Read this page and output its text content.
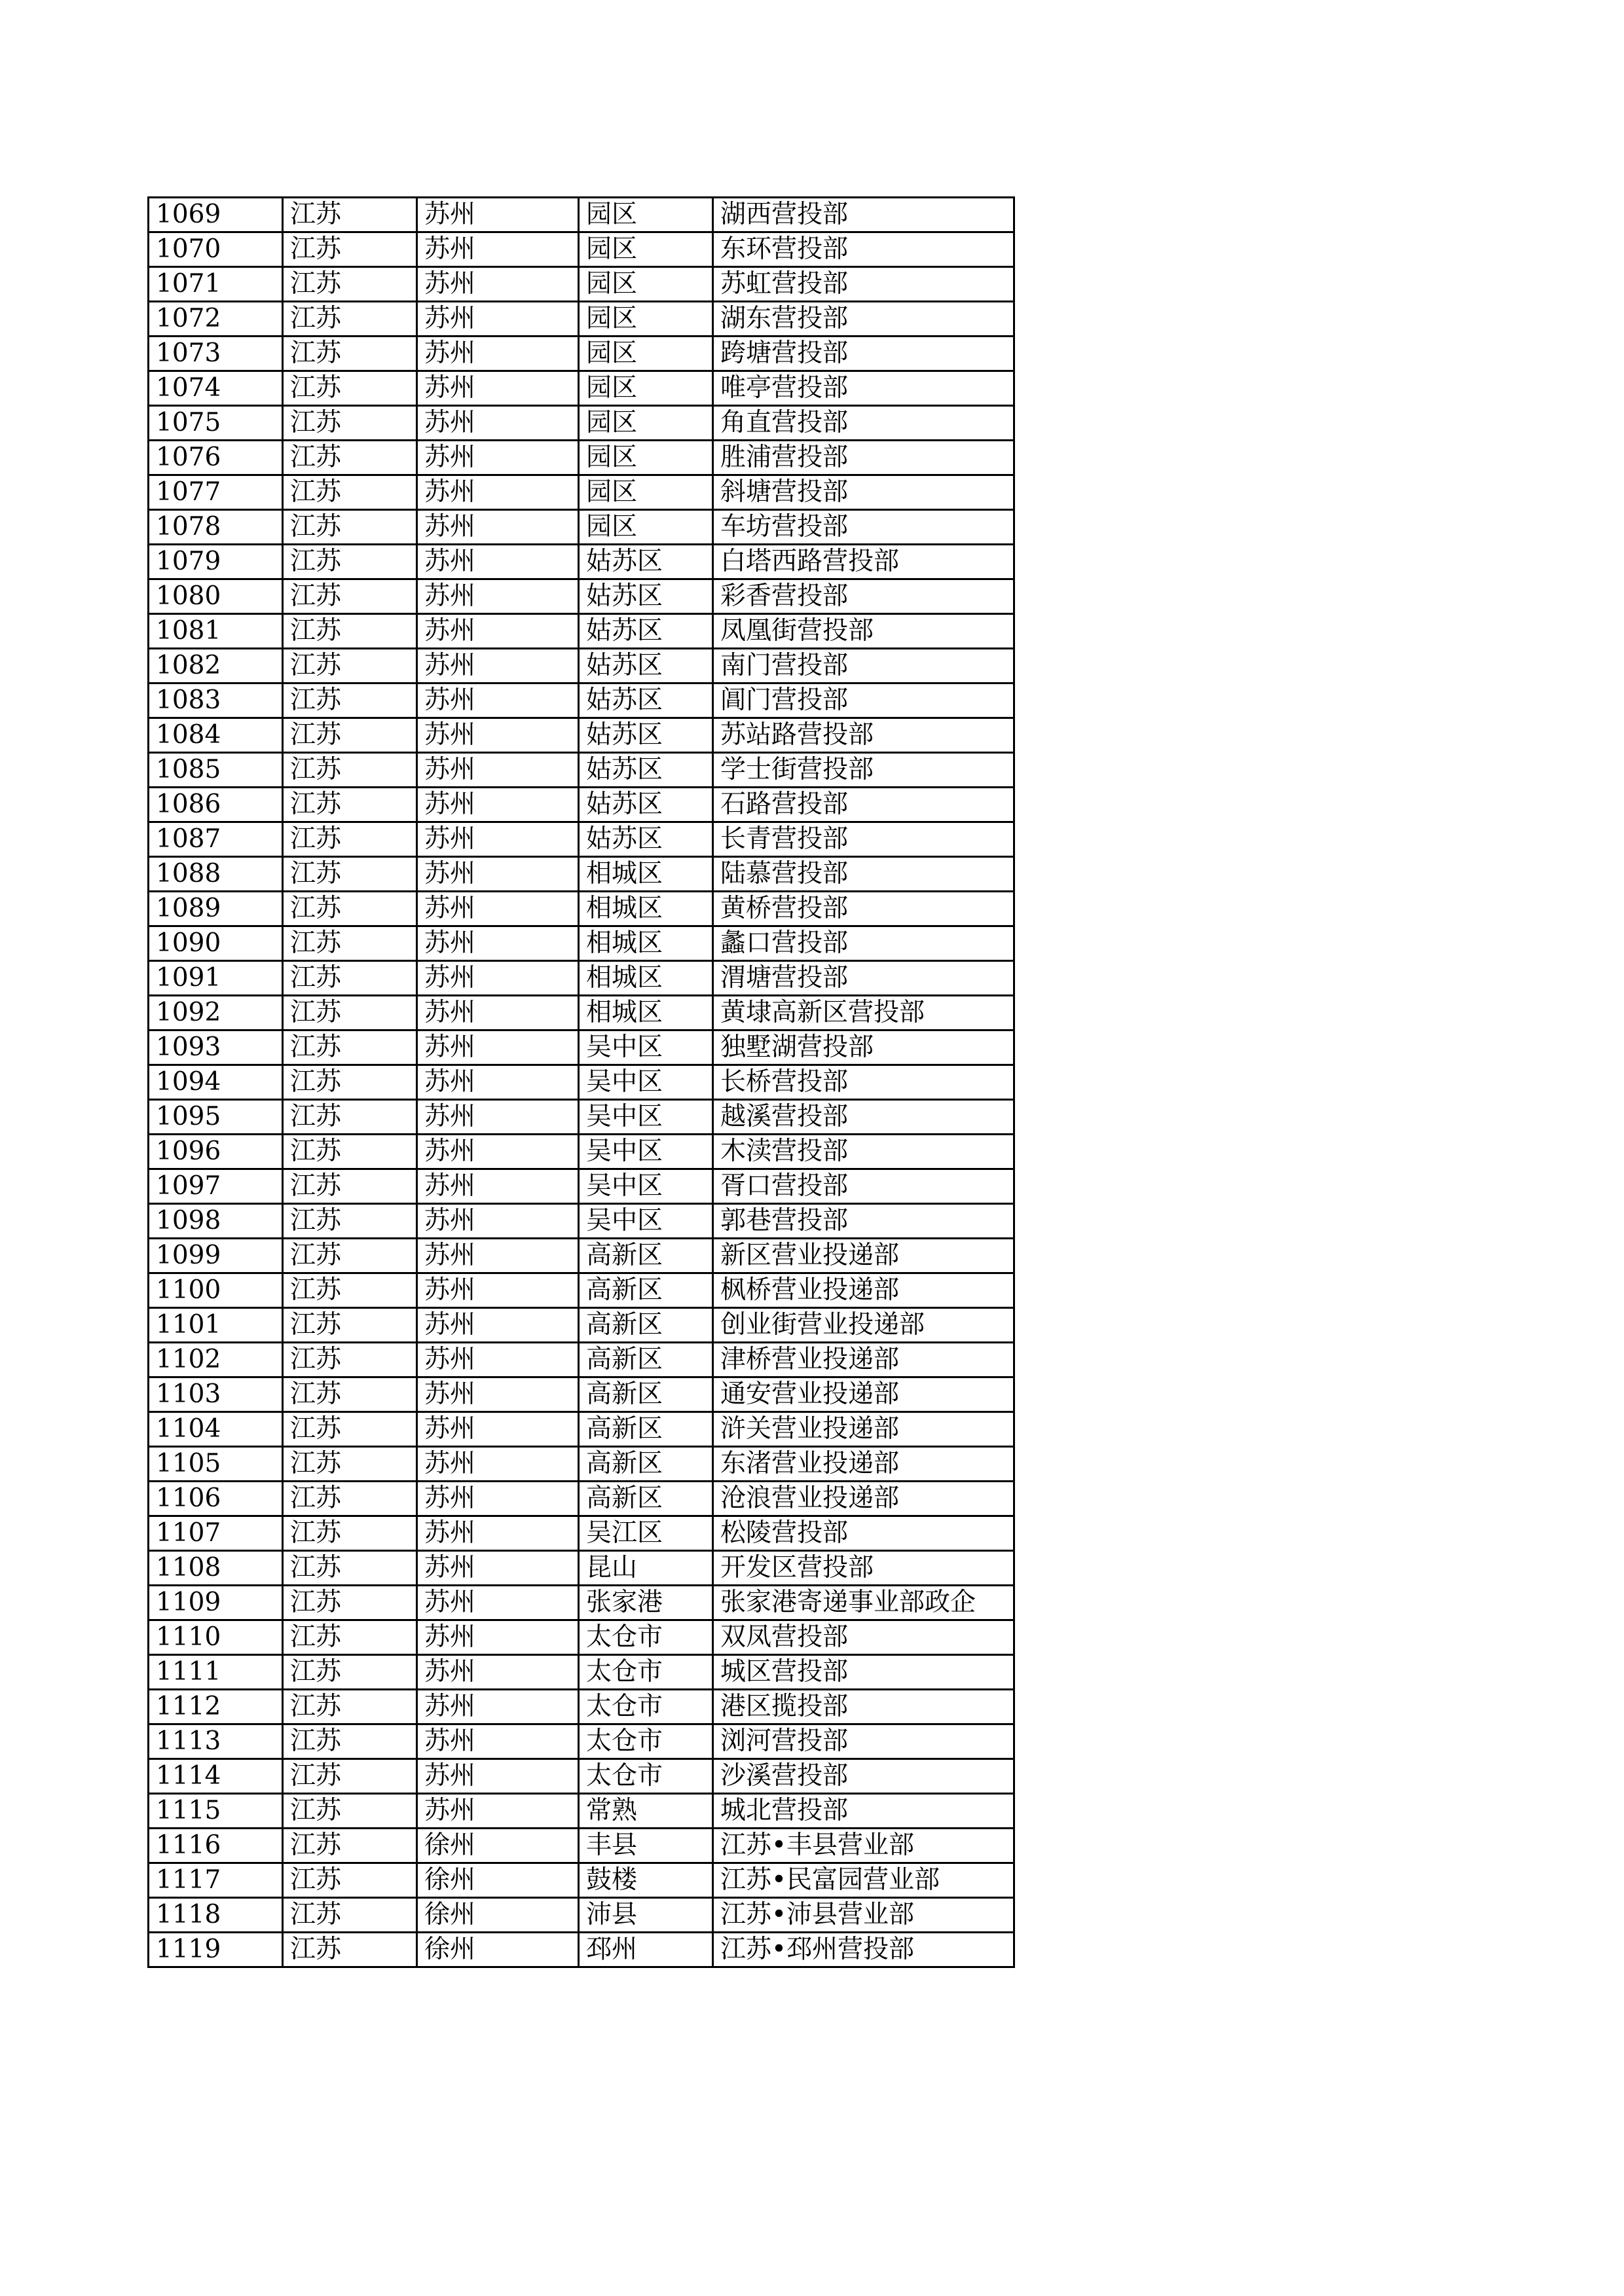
1069	江苏	苏州	园区	湖西营投部
1070	江苏	苏州	园区	东环营投部
1071	江苏	苏州	园区	苏虹营投部
1072	江苏	苏州	园区	湖东营投部
1073	江苏	苏州	园区	跨塘营投部
1074	江苏	苏州	园区	唯亭营投部
1075	江苏	苏州	园区	角直营投部
1076	江苏	苏州	园区	胜浦营投部
1077	江苏	苏州	园区	斜塘营投部
1078	江苏	苏州	园区	车坊营投部
1079	江苏	苏州	姑苏区	白塔西路营投部
1080	江苏	苏州	姑苏区	彩香营投部
1081	江苏	苏州	姑苏区	凤凰街营投部
1082	江苏	苏州	姑苏区	南门营投部
1083	江苏	苏州	姑苏区	阊门营投部
1084	江苏	苏州	姑苏区	苏站路营投部
1085	江苏	苏州	姑苏区	学士街营投部
1086	江苏	苏州	姑苏区	石路营投部
1087	江苏	苏州	姑苏区	长青营投部
1088	江苏	苏州	相城区	陆慕营投部
1089	江苏	苏州	相城区	黄桥营投部
1090	江苏	苏州	相城区	蠡口营投部
1091	江苏	苏州	相城区	渭塘营投部
1092	江苏	苏州	相城区	黄埭高新区营投部
1093	江苏	苏州	吴中区	独墅湖营投部
1094	江苏	苏州	吴中区	长桥营投部
1095	江苏	苏州	吴中区	越溪营投部
1096	江苏	苏州	吴中区	木渎营投部
1097	江苏	苏州	吴中区	胥口营投部
1098	江苏	苏州	吴中区	郭巷营投部
1099	江苏	苏州	高新区	新区营业投递部
1100	江苏	苏州	高新区	枫桥营业投递部
1101	江苏	苏州	高新区	创业街营业投递部
1102	江苏	苏州	高新区	津桥营业投递部
1103	江苏	苏州	高新区	通安营业投递部
1104	江苏	苏州	高新区	浒关营业投递部
1105	江苏	苏州	高新区	东渚营业投递部
1106	江苏	苏州	高新区	沧浪营业投递部
1107	江苏	苏州	吴江区	松陵营投部
1108	江苏	苏州	昆山	开发区营投部
1109	江苏	苏州	张家港	张家港寄递事业部政企
1110	江苏	苏州	太仓市	双凤营投部
1111	江苏	苏州	太仓市	城区营投部
1112	江苏	苏州	太仓市	港区揽投部
1113	江苏	苏州	太仓市	浏河营投部
1114	江苏	苏州	太仓市	沙溪营投部
1115	江苏	苏州	常熟	城北营投部
1116	江苏	徐州	丰县	江苏•丰县营业部
1117	江苏	徐州	鼓楼	江苏•民富园营业部
1118	江苏	徐州	沛县	江苏•沛县营业部
1119	江苏	徐州	邳州	江苏•邳州营投部
